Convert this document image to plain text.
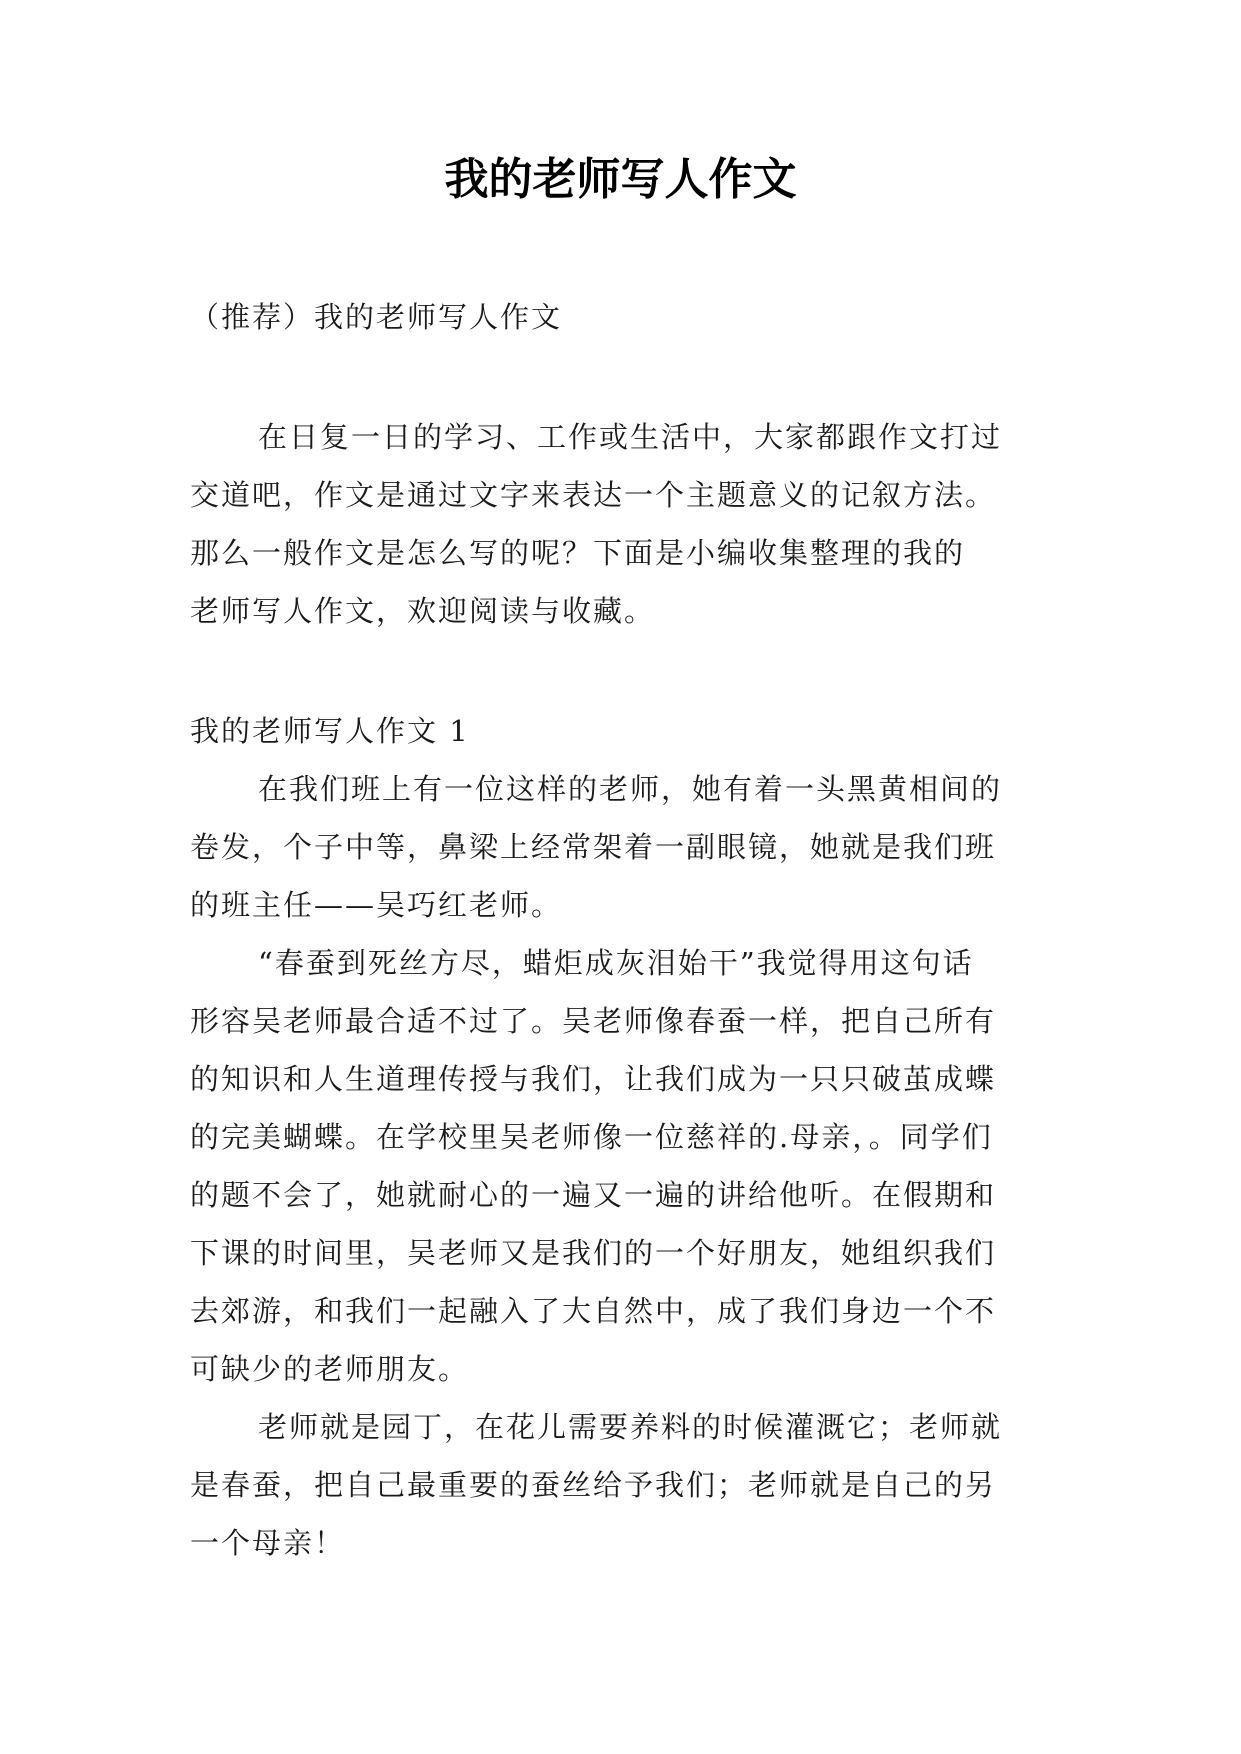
我的老师写人作文
（推荐）我的老师写人作文
在日复一日的学习、工作或生活中，大家都跟作文打过
交道吧，作文是通过文字来表达一个主题意义的记叙方法。
那么一般作文是怎么写的呢？下面是小编收集整理的我的
老师写人作文，欢迎阅读与收藏。
我的老师写人作文 1
在我们班上有一位这样的老师，她有着一头黑黄相间的
卷发，个子中等，鼻梁上经常架着一副眼镜，她就是我们班
的班主任——吴巧红老师。
“春蚕到死丝方尽，蜡炬成灰泪始干”我觉得用这句话
形容吴老师最合适不过了。吴老师像春蚕一样，把自己所有
的知识和人生道理传授与我们，让我们成为一只只破茧成蝶
的完美蝴蝶。在学校里吴老师像一位慈祥的.母亲，。同学们
的题不会了，她就耐心的一遍又一遍的讲给他听。在假期和
下课的时间里，吴老师又是我们的一个好朋友，她组织我们
去郊游，和我们一起融入了大自然中，成了我们身边一个不
可缺少的老师朋友。
老师就是园丁，在花儿需要养料的时候灌溉它；老师就
是春蚕，把自己最重要的蚕丝给予我们；老师就是自己的另
一个母亲！
